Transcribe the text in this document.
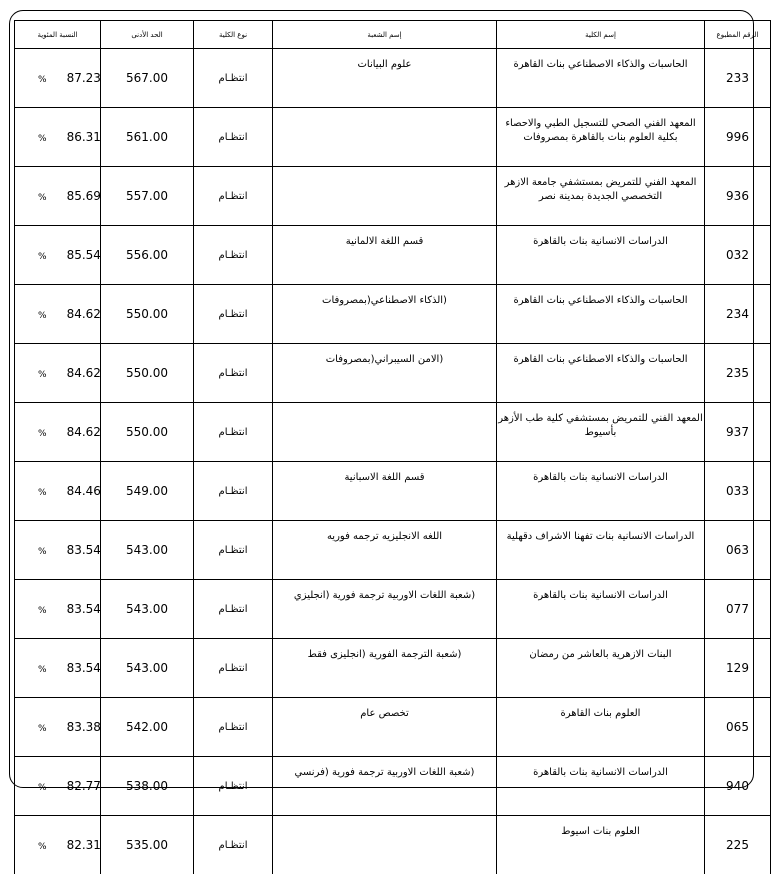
الرقم المطبوع	إسم الكلية	إسم الشعبة	نوع الكلية	الحد الأدنى	النسبة المئوية
233	الحاسبات والذكاء الاصطناعي بنات القاهرة	علوم البيانات	انتظـام	567.00	% 87.23
996	المعهد الفني الصحي للتسجيل الطبي والاحصاء بكلية العلوم بنات بالقاهرة بمصروفات		انتظـام	561.00	% 86.31
936	المعهد الفني للتمريض بمستشفي جامعة الازهر التخصصي الجديدة بمدينة نصر		انتظـام	557.00	% 85.69
032	الدراسات الانسانية بنات بالقاهرة	قسم اللغة الالمانية	انتظـام	556.00	% 85.54
234	الحاسبات والذكاء الاصطناعي بنات القاهرة	(الذكاء الاصطناعي(بمصروفات	انتظـام	550.00	% 84.62
235	الحاسبات والذكاء الاصطناعي بنات القاهرة	(الامن السيبراني(بمصروفات	انتظـام	550.00	% 84.62
937	المعهد الفني للتمريض بمستشفي كلية طب الأزهر بأسيوط		انتظـام	550.00	% 84.62
033	الدراسات الانسانية بنات بالقاهرة	قسم اللغة الاسبانية	انتظـام	549.00	% 84.46
063	الدراسات الانسانية بنات تفهنا الاشراف دقهلية	اللغه الانجليزيه ترجمه فوريه	انتظـام	543.00	% 83.54
077	الدراسات الانسانية بنات بالقاهرة	(شعبة اللغات الاوربية ترجمة فورية (انجليزي	انتظـام	543.00	% 83.54
129	البنات الازهرية بالعاشر من رمضان	(شعبة الترجمة الفورية (انجليزى فقط	انتظـام	543.00	% 83.54
065	العلوم بنات القاهرة	تخصص عام	انتظـام	542.00	% 83.38
940	الدراسات الانسانية بنات بالقاهرة	(شعبة اللغات الاوربية ترجمة فورية (فرنسي	انتظـام	538.00	% 82.77
225	العلوم بنات اسيوط		انتظـام	535.00	% 82.31
